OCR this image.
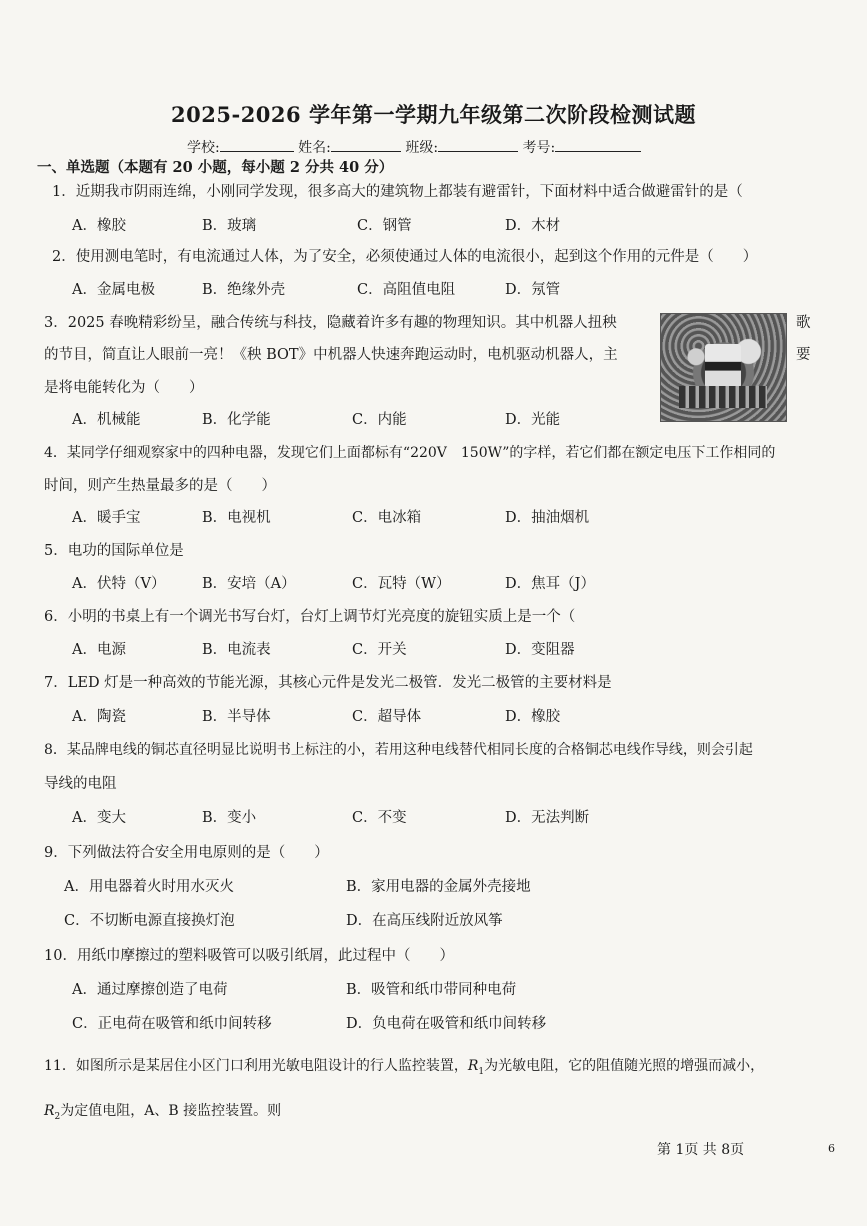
2025-2026 学年第一学期九年级第二次阶段检测试题
学校:	姓名:	班级:	考号:
一、单选题（本题有 20 小题，每小题 2 分共 40 分）
1．近期我市阴雨连绵，小刚同学发现，很多高大的建筑物上都装有避雷针，下面材料中适合做避雷针的是（
A．橡胶	B．玻璃	C．钢管	D．木材
2．使用测电笔时，有电流通过人体，为了安全，必须使通过人体的电流很小，起到这个作用的元件是（　　）
A．金属电极	B．绝缘外壳	C．高阻值电阻	D．氖管
3．2025 春晚精彩纷呈，融合传统与科技，隐藏着许多有趣的物理知识。其中机器人扭秧	歌
的节目，简直让人眼前一亮！《秧 BOT》中机器人快速奔跑运动时，电机驱动机器人，主	要
是将电能转化为（　　）
A．机械能	B．化学能	C．内能	D．光能
4．某同学仔细观察家中的四种电器，发现它们上面都标有“220V　150W”的字样，若它们都在额定电压下工作相同的
时间，则产生热量最多的是（　　）
A．暖手宝	B．电视机	C．电冰箱	D．抽油烟机
5．电功的国际单位是
A．伏特（V）	B．安培（A）	C．瓦特（W）	D．焦耳（J）
6．小明的书桌上有一个调光书写台灯，台灯上调节灯光亮度的旋钮实质上是一个（
A．电源	B．电流表	C．开关	D．变阻器
7．LED 灯是一种高效的节能光源，其核心元件是发光二极管．发光二极管的主要材料是
A．陶瓷	B．半导体	C．超导体	D．橡胶
8．某品牌电线的铜芯直径明显比说明书上标注的小，若用这种电线替代相同长度的合格铜芯电线作导线，则会引起
导线的电阻
A．变大	B．变小	C．不变	D．无法判断
9．下列做法符合安全用电原则的是（　　）
A．用电器着火时用水灭火	B．家用电器的金属外壳接地
C．不切断电源直接换灯泡	D．在高压线附近放风筝
10．用纸巾摩擦过的塑料吸管可以吸引纸屑，此过程中（　　）
A．通过摩擦创造了电荷	B．吸管和纸巾带同种电荷
C．正电荷在吸管和纸巾间转移	D．负电荷在吸管和纸巾间转移
11．如图所示是某居住小区门口利用光敏电阻设计的行人监控装置，$R_1$为光敏电阻，它的阻值随光照的增强而减小，
$R_2$为定值电阻，A、B 接监控装置。则
第 1页 共 8页	6
